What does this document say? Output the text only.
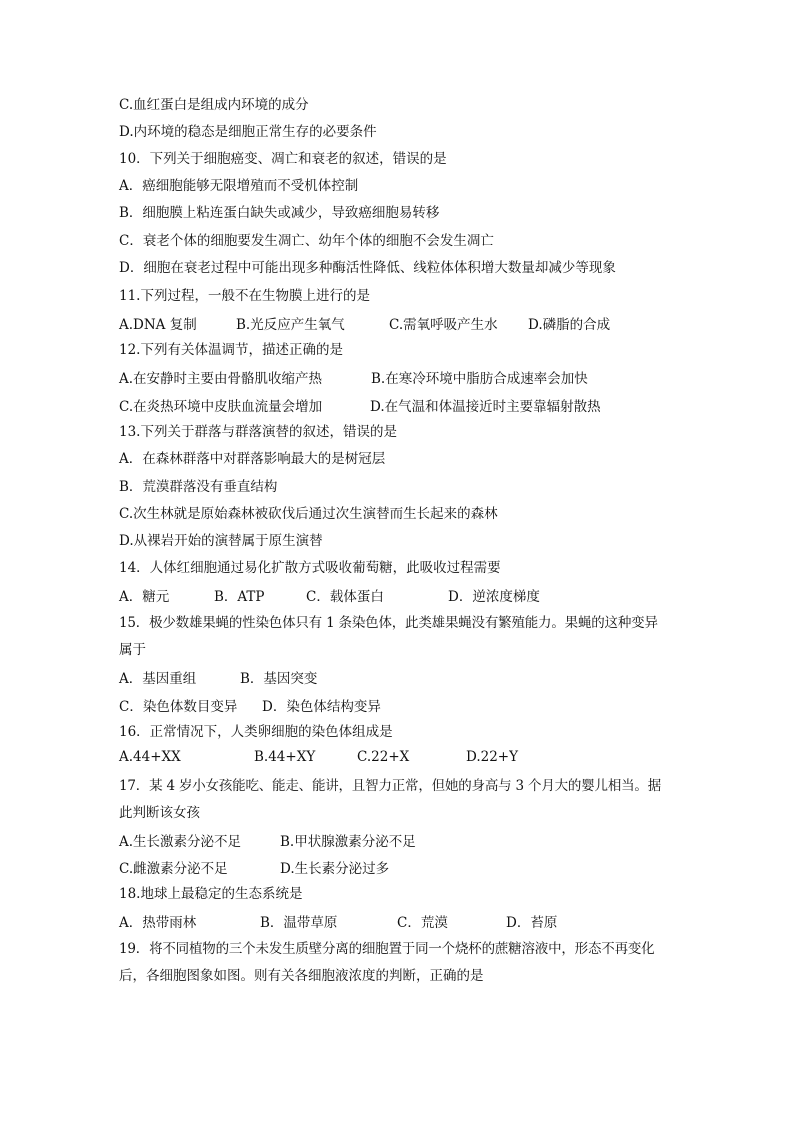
C.血红蛋白是组成内环境的成分
D.内环境的稳态是细胞正常生存的必要条件
10．下列关于细胞癌变、凋亡和衰老的叙述，错误的是
A．癌细胞能够无限增殖而不受机体控制
B．细胞膜上粘连蛋白缺失或减少，导致癌细胞易转移
C．衰老个体的细胞要发生凋亡、幼年个体的细胞不会发生凋亡
D．细胞在衰老过程中可能出现多种酶活性降低、线粒体体积增大数量却减少等现象
11.下列过程，一般不在生物膜上进行的是
A.DNA 复制	B.光反应产生氧气	C.需氧呼吸产生水 D.磷脂的合成
12.下列有关体温调节，描述正确的是
A.在安静时主要由骨骼肌收缩产热	B.在寒冷环境中脂肪合成速率会加快
C.在炎热环境中皮肤血流量会增加	D.在气温和体温接近时主要靠辐射散热
13.下列关于群落与群落演替的叙述，错误的是
A．在森林群落中对群落影响最大的是树冠层
B．荒漠群落没有垂直结构
C.次生林就是原始森林被砍伐后通过次生演替而生长起来的森林
D.从裸岩开始的演替属于原生演替
14．人体红细胞通过易化扩散方式吸收葡萄糖，此吸收过程需要
A．糖元	B．ATP	C．载体蛋白	D．逆浓度梯度
15．极少数雄果蝇的性染色体只有 1 条染色体，此类雄果蝇没有繁殖能力。果蝇的这种变异
属于
A．基因重组	B．基因突变
C．染色体数目变异 D．染色体结构变异
16．正常情况下，人类卵细胞的染色体组成是
A.44+XX	B.44+XY	C.22+X	D.22+Y
17．某 4 岁小女孩能吃、能走、能讲，且智力正常，但她的身高与 3 个月大的婴儿相当。据
此判断该女孩
A.生长激素分泌不足	B.甲状腺激素分泌不足
C.雌激素分泌不足	D.生长素分泌过多
18.地球上最稳定的生态系统是
A．热带雨林	B．温带草原	C．荒漠	D．苔原
19．将不同植物的三个未发生质壁分离的细胞置于同一个烧杯的蔗糖溶液中，形态不再变化
后，各细胞图象如图。则有关各细胞液浓度的判断，正确的是
